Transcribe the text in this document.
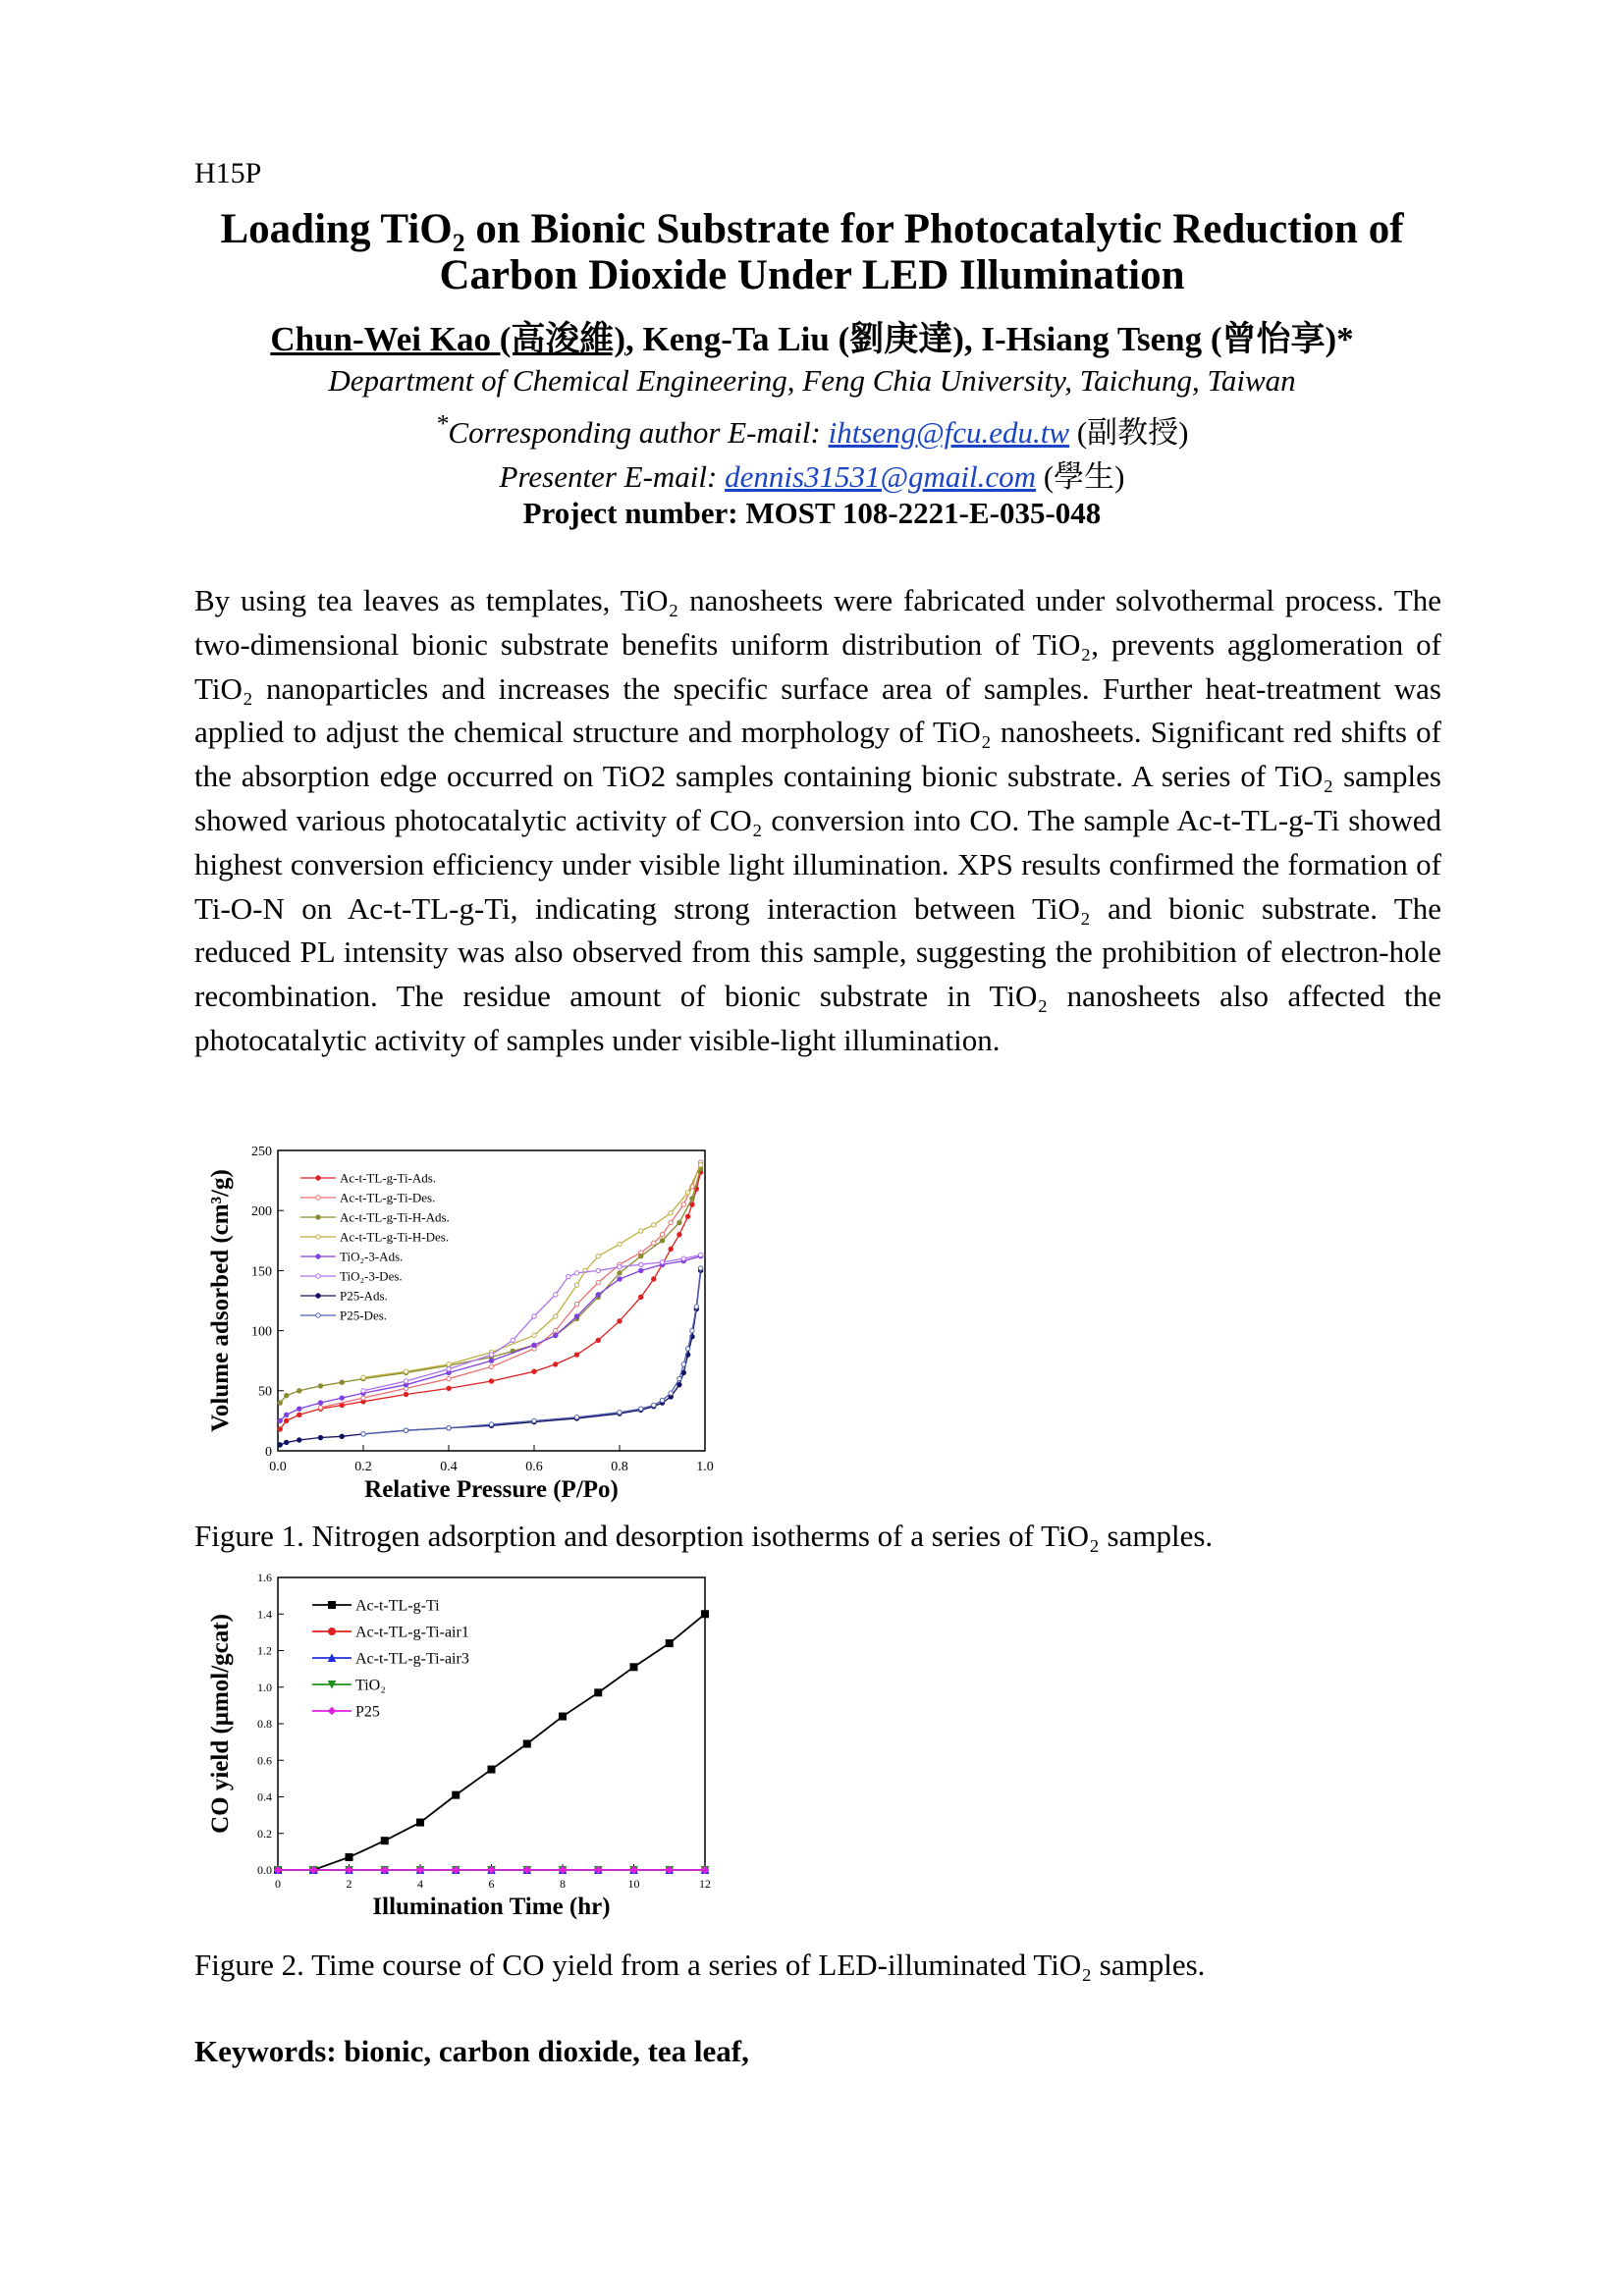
H15P
Loading TiO₂ on Bionic Substrate for Photocatalytic Reduction of
Carbon Dioxide Under LED Illumination
Chun-Wei Kao (高浚維), Keng-Ta Liu (劉庚達), I-Hsiang Tseng (曾怡享)*
Department of Chemical Engineering, Feng Chia University, Taichung, Taiwan
*Corresponding author E-mail: ihtseng@fcu.edu.tw (副教授)
Presenter E-mail: dennis31531@gmail.com (學生)
Project number: MOST 108-2221-E-035-048
By using tea leaves as templates, TiO₂ nanosheets were fabricated under solvothermal process. The two-dimensional bionic substrate benefits uniform distribution of TiO₂, prevents agglomeration of TiO₂ nanoparticles and increases the specific surface area of samples. Further heat-treatment was applied to adjust the chemical structure and morphology of TiO₂ nanosheets. Significant red shifts of the absorption edge occurred on TiO2 samples containing bionic substrate. A series of TiO₂ samples showed various photocatalytic activity of CO₂ conversion into CO. The sample Ac-t-TL-g-Ti showed highest conversion efficiency under visible light illumination. XPS results confirmed the formation of Ti-O-N on Ac-t-TL-g-Ti, indicating strong interaction between TiO₂ and bionic substrate. The reduced PL intensity was also observed from this sample, suggesting the prohibition of electron-hole recombination. The residue amount of bionic substrate in TiO₂ nanosheets also affected the photocatalytic activity of samples under visible-light illumination.
0.0	0.2	0.4	0.6	0.8	1.0
0
50
100
150
200
250
Relative Pressure (P/Po)
Volume adsorbed (cm³/g)	Ac-t-TL-g-Ti-Ads.
Ac-t-TL-g-Ti-Des.
Ac-t-TL-g-Ti-H-Ads.
Ac-t-TL-g-Ti-H-Des.
TiO₂-3-Ads.
TiO₂-3-Des.
P25-Ads.
P25-Des.
Figure 1. Nitrogen adsorption and desorption isotherms of a series of TiO₂ samples.
0	2	4	6	8	10	12
0.0
0.2
0.4
0.6
0.8
1.0
1.2
1.4
1.6
Illumination Time (hr)
CO yield (μmol/gcat)
Ac-t-TL-g-Ti
Ac-t-TL-g-Ti-air1
Ac-t-TL-g-Ti-air3
TiO₂
P25
Figure 2. Time course of CO yield from a series of LED-illuminated TiO₂ samples.
Keywords: bionic, carbon dioxide, tea leaf,
